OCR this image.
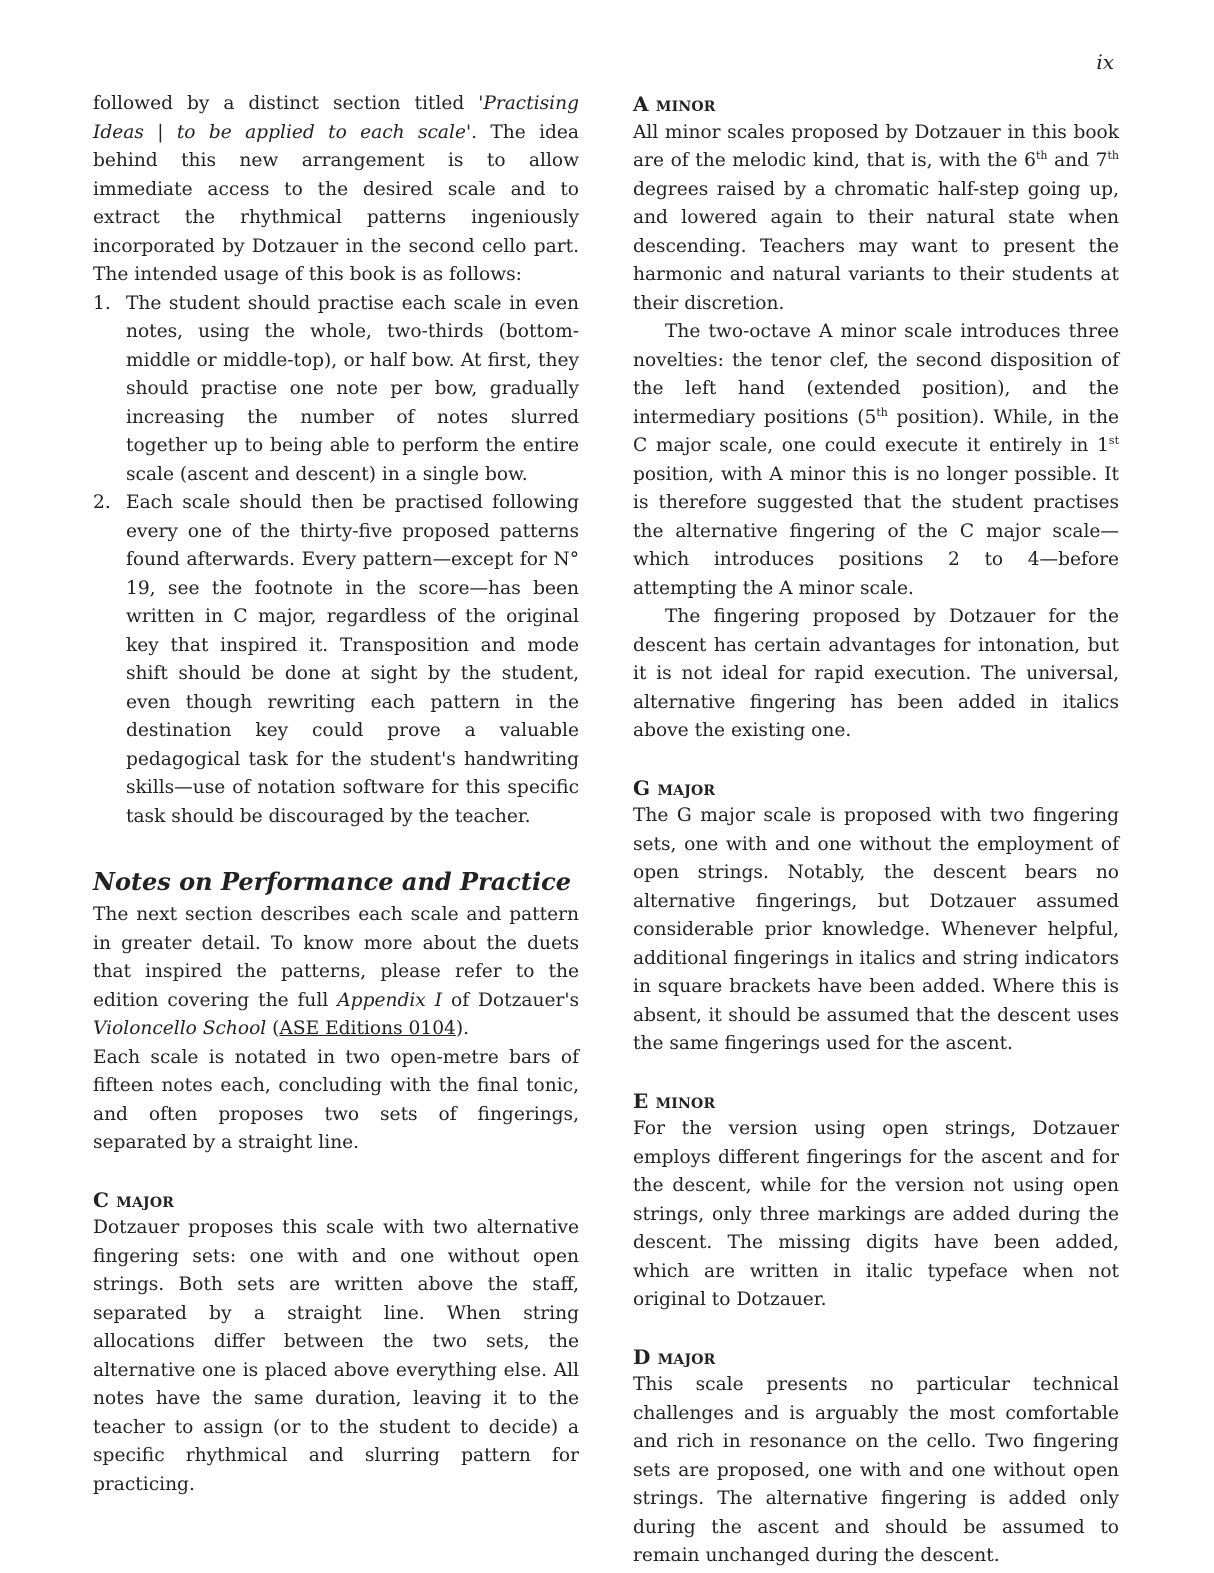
ix

followed by a distinct section titled 'Practising Ideas | to be applied to each scale'. The idea behind this new arrangement is to allow immediate access to the desired scale and to extract the rhythmical patterns ingeniously incorporated by Dotzauer in the second cello part. The intended usage of this book is as follows:

1. The student should practise each scale in even notes, using the whole, two-thirds (bottom-middle or middle-top), or half bow. At first, they should practise one note per bow, gradually increasing the number of notes slurred together up to being able to perform the entire scale (ascent and descent) in a single bow.
2. Each scale should then be practised following every one of the thirty-five proposed patterns found afterwards. Every pattern—except for N° 19, see the footnote in the score—has been written in C major, regardless of the original key that inspired it. Transposition and mode shift should be done at sight by the student, even though rewriting each pattern in the destination key could prove a valuable pedagogical task for the student's handwriting skills—use of notation software for this specific task should be discouraged by the teacher.
Notes on Performance and Practice

The next section describes each scale and pattern in greater detail. To know more about the duets that inspired the patterns, please refer to the edition covering the full Appendix I of Dotzauer's Violoncello School (ASE Editions 0104).

Each scale is notated in two open-metre bars of fifteen notes each, concluding with the final tonic, and often proposes two sets of fingerings, separated by a straight line.

C major

Dotzauer proposes this scale with two alternative fingering sets: one with and one without open strings. Both sets are written above the staff, separated by a straight line. When string allocations differ between the two sets, the alternative one is placed above everything else. All notes have the same duration, leaving it to the teacher to assign (or to the student to decide) a specific rhythmical and slurring pattern for practicing.

A minor

All minor scales proposed by Dotzauer in this book are of the melodic kind, that is, with the 6th and 7th degrees raised by a chromatic half-step going up, and lowered again to their natural state when descending. Teachers may want to present the harmonic and natural variants to their students at their discretion.

The two-octave A minor scale introduces three novelties: the tenor clef, the second disposition of the left hand (extended position), and the intermediary positions (5th position). While, in the C major scale, one could execute it entirely in 1st position, with A minor this is no longer possible. It is therefore suggested that the student practises the alternative fingering of the C major scale—which introduces positions 2 to 4—before attempting the A minor scale.

The fingering proposed by Dotzauer for the descent has certain advantages for intonation, but it is not ideal for rapid execution. The universal, alternative fingering has been added in italics above the existing one.

G major

The G major scale is proposed with two fingering sets, one with and one without the employment of open strings. Notably, the descent bears no alternative fingerings, but Dotzauer assumed considerable prior knowledge. Whenever helpful, additional fingerings in italics and string indicators in square brackets have been added. Where this is absent, it should be assumed that the descent uses the same fingerings used for the ascent.

E minor

For the version using open strings, Dotzauer employs different fingerings for the ascent and for the descent, while for the version not using open strings, only three markings are added during the descent. The missing digits have been added, which are written in italic typeface when not original to Dotzauer.

D major

This scale presents no particular technical challenges and is arguably the most comfortable and rich in resonance on the cello. Two fingering sets are proposed, one with and one without open strings. The alternative fingering is added only during the ascent and should be assumed to remain unchanged during the descent.
